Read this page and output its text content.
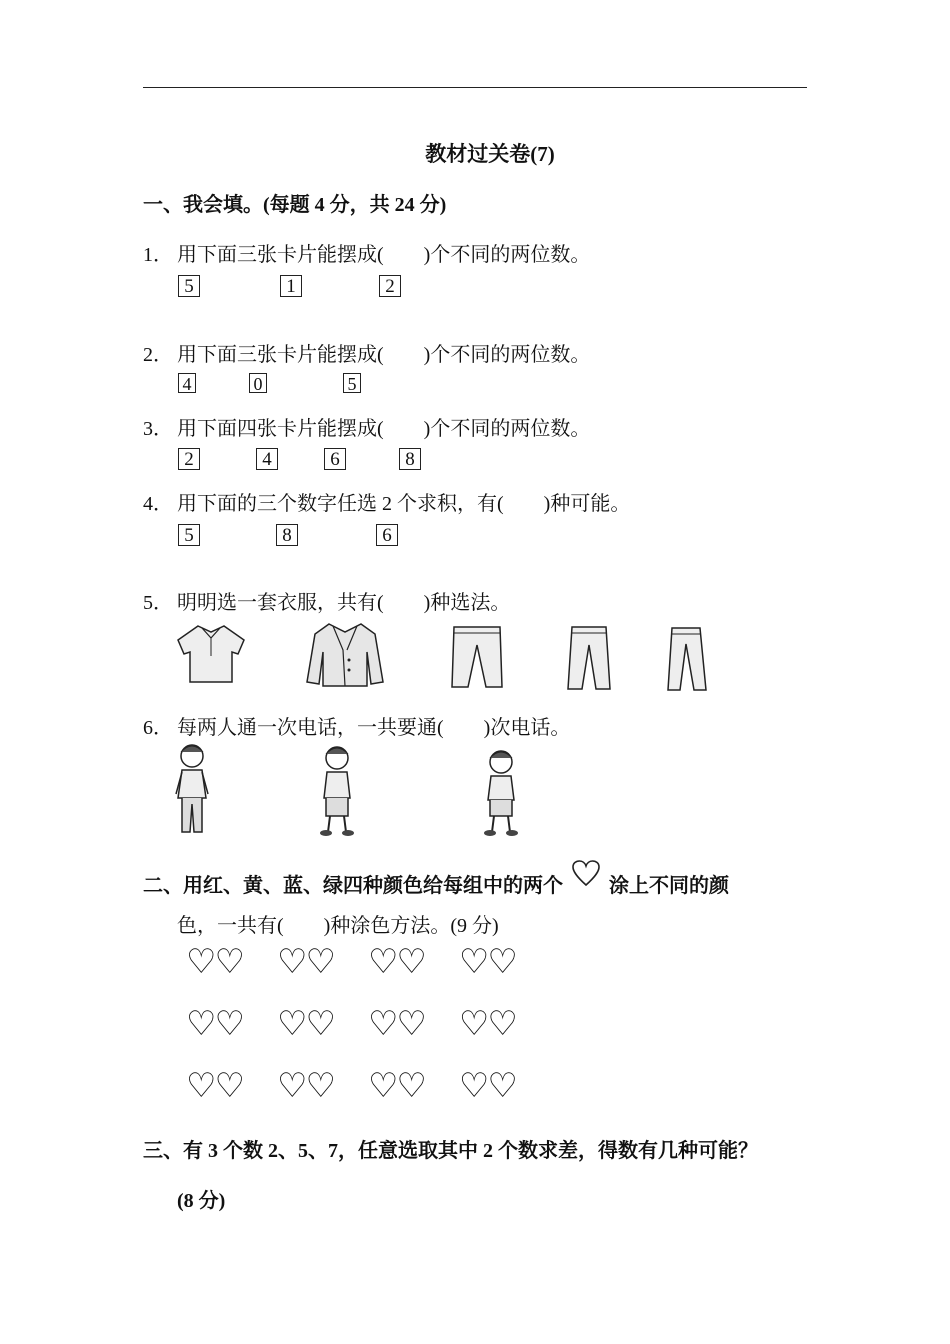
教材过关卷(7)
一、我会填。(每题 4 分，共 24 分)
1． 用下面三张卡片能摆成(　　)个不同的两位数。
5	1	2
2． 用下面三张卡片能摆成(　　)个不同的两位数。
4	0	5
3． 用下面四张卡片能摆成(　　)个不同的两位数。
2	4	6	8
4． 用下面的三个数字任选 2 个求积，有(　　)种可能。
5	8	6
5． 明明选一套衣服，共有(　　)种选法。
6． 每两人通一次电话，一共要通(　　)次电话。
二、用红、黄、蓝、绿四种颜色给每组中的两个 涂上不同的颜
色，一共有(　　)种涂色方法。(9 分)
♡♡ ♡♡ ♡♡ ♡♡
♡♡ ♡♡ ♡♡ ♡♡
♡♡ ♡♡ ♡♡ ♡♡
三、有 3 个数 2、5、7，任意选取其中 2 个数求差，得数有几种可能？
(8 分)
